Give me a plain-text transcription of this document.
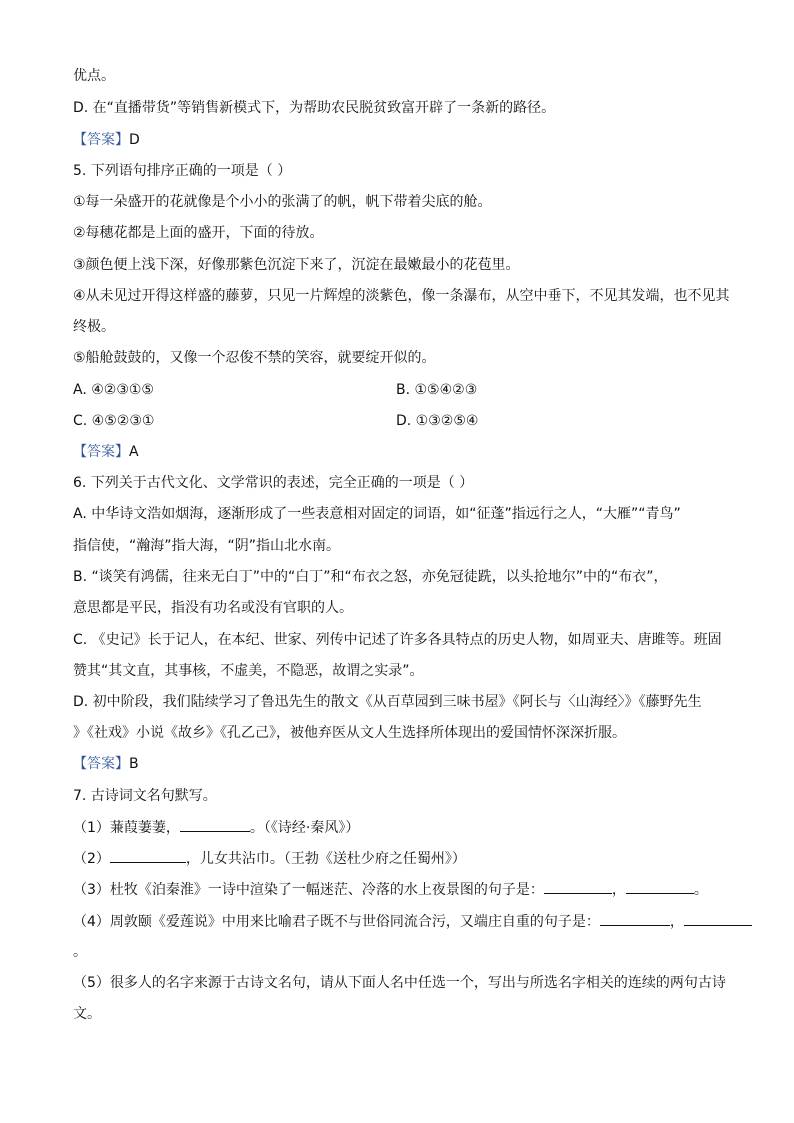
优点。
D. 在“直播带货”等销售新模式下，为帮助农民脱贫致富开辟了一条新的路径。
【答案】D
5. 下列语句排序正确的一项是（ ）
①每一朵盛开的花就像是个小小的张满了的帆，帆下带着尖底的舱。
②每穗花都是上面的盛开，下面的待放。
③颜色便上浅下深，好像那紫色沉淀下来了，沉淀在最嫩最小的花苞里。
④从未见过开得这样盛的藤萝，只见一片辉煌的淡紫色，像一条瀑布，从空中垂下，不见其发端，也不见其
终极。
⑤船舱鼓鼓的，又像一个忍俊不禁的笑容，就要绽开似的。
A. ④②③①⑤	B. ①⑤④②③
C. ④⑤②③①	D. ①③②⑤④
【答案】A
6. 下列关于古代文化、文学常识的表述，完全正确的一项是（ ）
A. 中华诗文浩如烟海，逐渐形成了一些表意相对固定的词语，如“征蓬”指远行之人，“大雁”“青鸟”
指信使，“瀚海”指大海，“阴”指山北水南。
B. “谈笑有鸿儒，往来无白丁”中的“白丁”和“布衣之怒，亦免冠徒跣，以头抢地尔”中的“布衣”，
意思都是平民，指没有功名或没有官职的人。
C. 《史记》长于记人，在本纪、世家、列传中记述了许多各具特点的历史人物，如周亚夫、唐雎等。班固
赞其“其文直，其事核，不虚美，不隐恶，故谓之实录”。
D. 初中阶段，我们陆续学习了鲁迅先生的散文《从百草园到三味书屋》《阿长与〈山海经〉》《藤野先生
》《社戏》小说《故乡》《孔乙己》，被他弃医从文人生选择所体现出的爱国情怀深深折服。
【答案】B
7. 古诗词文名句默写。
（1）蒹葭萋萋，	。（《诗经·秦风》）
（2）	，儿女共沾巾。（王勃《送杜少府之任蜀州》）
（3）杜牧《泊秦淮》一诗中渲染了一幅迷茫、冷落的水上夜景图的句子是：	，	。
（4）周敦颐《爱莲说》中用来比喻君子既不与世俗同流合污，又端庄自重的句子是：	，
。
（5）很多人的名字来源于古诗文名句，请从下面人名中任选一个，写出与所选名字相关的连续的两句古诗
文。
